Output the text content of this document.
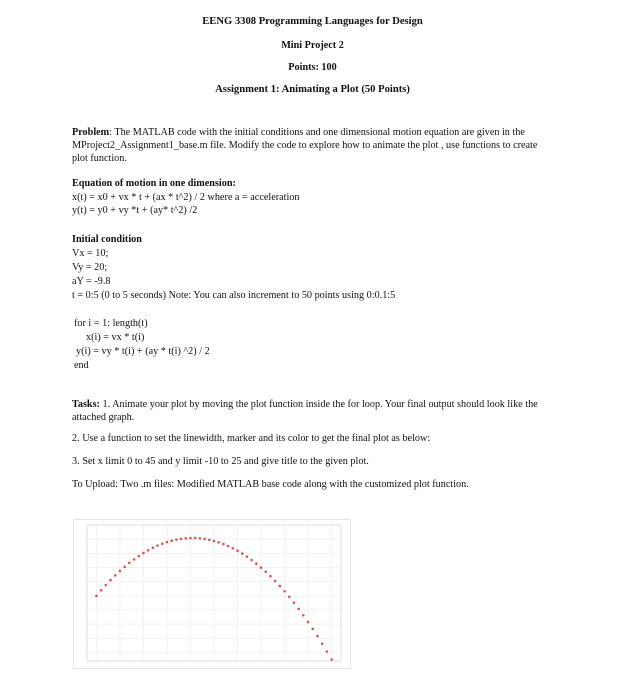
EENG 3308 Programming Languages for Design
Mini Project 2
Points: 100
Assignment 1: Animating a Plot (50 Points)
Problem: The MATLAB code with the initial conditions and one dimensional motion equation are given in the MProject2_Assignment1_base.m file. Modify the code to explore how to animate the plot , use functions to create plot function.
Equation of motion in one dimension:
x(t) = x0 + vx * t + (ax * t^2) / 2 where a = acceleration
y(t) = y0 + vy *t + (ay* t^2) /2
Initial condition
Vx = 10;
Vy = 20;
aY = -9.8
t = 0:5 (0 to 5 seconds) Note: You can also increment to 50 points using 0:0.1:5
for i = 1: length(t)
x(i) = vx * t(i)
y(i) = vy * t(i) + (ay * t(i) ^2) / 2
end
Tasks: 1. Animate your plot by moving the plot function inside the for loop. Your final output should look like the attached graph.
2. Use a function to set the linewidth, marker and its color to get the final plot as below:
3. Set x limit 0 to 45 and y limit -10 to 25 and give title to the given plot.
To Upload: Two .m files: Modified MATLAB base code along with the customized plot function.
